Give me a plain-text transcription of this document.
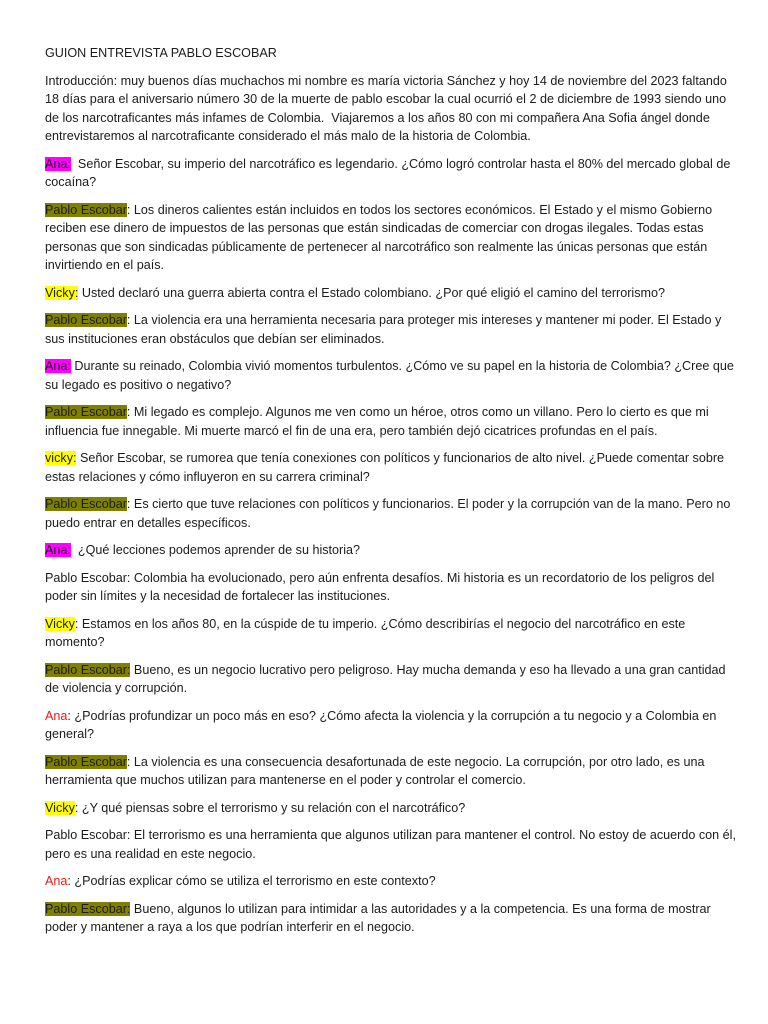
GUION ENTREVISTA PABLO ESCOBAR

Introducción: muy buenos días muchachos mi nombre es maría victoria Sánchez y hoy 14 de noviembre del 2023 faltando 18 días para el aniversario número 30 de la muerte de pablo escobar la cual ocurrió el 2 de diciembre de 1993 siendo uno de los narcotraficantes más infames de Colombia.  Viajaremos a los años 80 con mi compañera Ana Sofia ángel donde entrevistaremos al narcotraficante considerado el más malo de la historia de Colombia.

Ana:  Señor Escobar, su imperio del narcotráfico es legendario. ¿Cómo logró controlar hasta el 80% del mercado global de cocaína?

Pablo Escobar: Los dineros calientes están incluidos en todos los sectores económicos. El Estado y el mismo Gobierno reciben ese dinero de impuestos de las personas que están sindicadas de comerciar con drogas ilegales. Todas estas personas que son sindicadas públicamente de pertenecer al narcotráfico son realmente las únicas personas que están invirtiendo en el país.

Vicky: Usted declaró una guerra abierta contra el Estado colombiano. ¿Por qué eligió el camino del terrorismo?

Pablo Escobar: La violencia era una herramienta necesaria para proteger mis intereses y mantener mi poder. El Estado y sus instituciones eran obstáculos que debían ser eliminados.

Ana: Durante su reinado, Colombia vivió momentos turbulentos. ¿Cómo ve su papel en la historia de Colombia? ¿Cree que su legado es positivo o negativo?

Pablo Escobar: Mi legado es complejo. Algunos me ven como un héroe, otros como un villano. Pero lo cierto es que mi influencia fue innegable. Mi muerte marcó el fin de una era, pero también dejó cicatrices profundas en el país.

vicky: Señor Escobar, se rumorea que tenía conexiones con políticos y funcionarios de alto nivel. ¿Puede comentar sobre estas relaciones y cómo influyeron en su carrera criminal?

Pablo Escobar: Es cierto que tuve relaciones con políticos y funcionarios. El poder y la corrupción van de la mano. Pero no puedo entrar en detalles específicos.

Ana:  ¿Qué lecciones podemos aprender de su historia?

Pablo Escobar: Colombia ha evolucionado, pero aún enfrenta desafíos. Mi historia es un recordatorio de los peligros del poder sin límites y la necesidad de fortalecer las instituciones.

Vicky: Estamos en los años 80, en la cúspide de tu imperio. ¿Cómo describirías el negocio del narcotráfico en este momento?

Pablo Escobar: Bueno, es un negocio lucrativo pero peligroso. Hay mucha demanda y eso ha llevado a una gran cantidad de violencia y corrupción.

Ana: ¿Podrías profundizar un poco más en eso? ¿Cómo afecta la violencia y la corrupción a tu negocio y a Colombia en general?

Pablo Escobar: La violencia es una consecuencia desafortunada de este negocio. La corrupción, por otro lado, es una herramienta que muchos utilizan para mantenerse en el poder y controlar el comercio.

Vicky: ¿Y qué piensas sobre el terrorismo y su relación con el narcotráfico?

Pablo Escobar: El terrorismo es una herramienta que algunos utilizan para mantener el control. No estoy de acuerdo con él, pero es una realidad en este negocio.

Ana: ¿Podrías explicar cómo se utiliza el terrorismo en este contexto?

Pablo Escobar: Bueno, algunos lo utilizan para intimidar a las autoridades y a la competencia. Es una forma de mostrar poder y mantener a raya a los que podrían interferir en el negocio.
